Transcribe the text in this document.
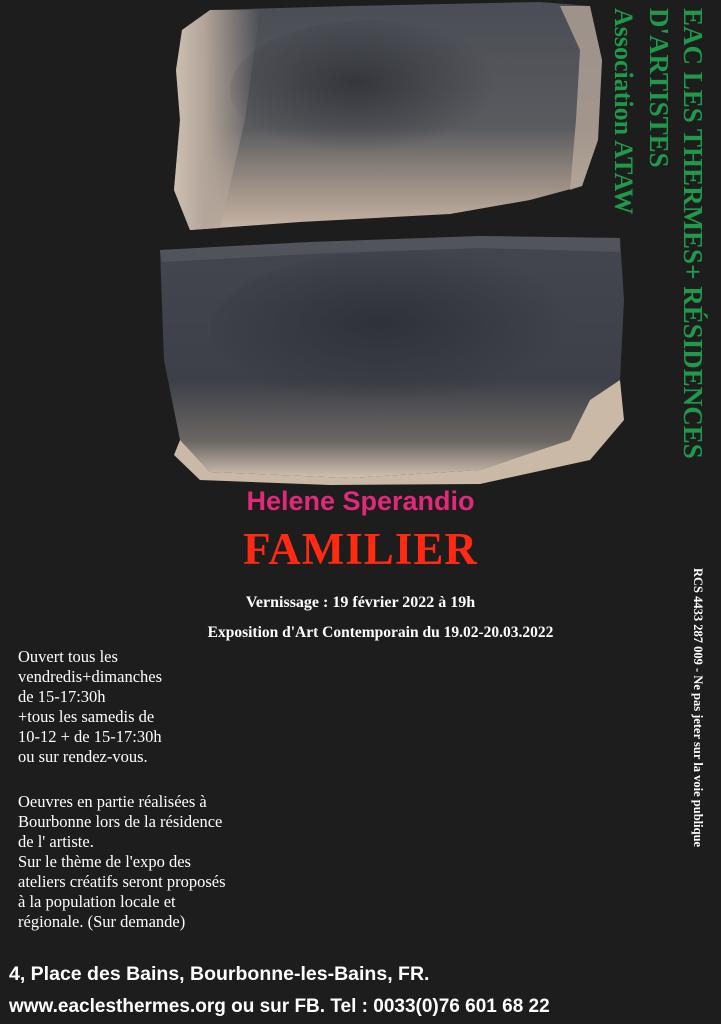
EAC LES THERMES+ RÉSIDENCES
D'ARTISTES
Association ATAW
RCS 4433 287 009 - Ne pas jeter sur la voie publique
Helene Sperandio
FAMILIER
Vernissage : 19 février 2022 à 19h
Exposition d'Art Contemporain du 19.02-20.03.2022
Ouvert tous les
vendredis+dimanches
de 15-17:30h
+tous les samedis de
10-12 + de 15-17:30h
ou sur rendez-vous.
Oeuvres en partie réalisées à
Bourbonne lors de la résidence
de l' artiste.
Sur le thème de l'expo des
ateliers créatifs seront proposés
à la population locale et
régionale. (Sur demande)
4, Place des Bains, Bourbonne-les-Bains, FR.
www.eaclesthermes.org ou sur FB. Tel : 0033(0)76 601 68 22
